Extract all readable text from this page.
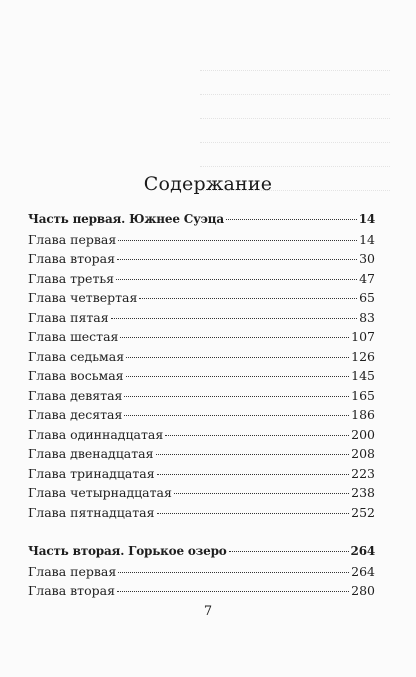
Содержание
Часть первая. Южнее Суэца	14
Глава первая	14
Глава вторая	30
Глава третья	47
Глава четвертая	65
Глава пятая	83
Глава шестая	107
Глава седьмая	126
Глава восьмая	145
Глава девятая	165
Глава десятая	186
Глава одиннадцатая	200
Глава двенадцатая	208
Глава тринадцатая	223
Глава четырнадцатая	238
Глава пятнадцатая	252
Часть вторая. Горькое озеро	264
Глава первая	264
Глава вторая	280
7
